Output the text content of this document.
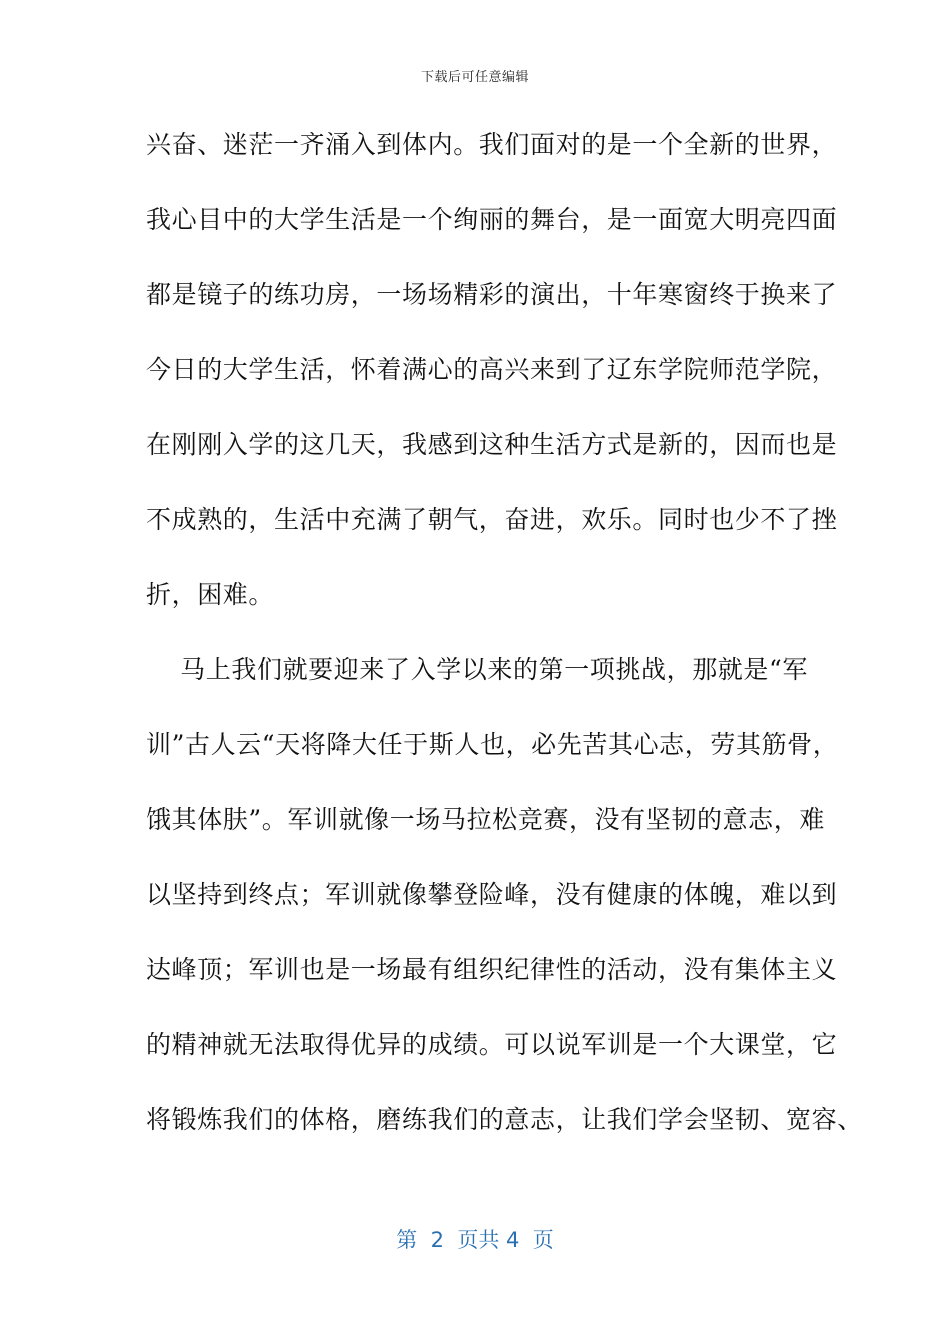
下载后可任意编辑
兴奋、迷茫一齐涌入到体内。我们面对的是一个全新的世界，
我心目中的大学生活是一个绚丽的舞台，是一面宽大明亮四面
都是镜子的练功房，一场场精彩的演出，十年寒窗终于换来了
今日的大学生活，怀着满心的高兴来到了辽东学院师范学院，
在刚刚入学的这几天，我感到这种生活方式是新的，因而也是
不成熟的，生活中充满了朝气，奋进，欢乐。同时也少不了挫
折，困难。
马上我们就要迎来了入学以来的第一项挑战，那就是“军
训”古人云“天将降大任于斯人也，必先苦其心志，劳其筋骨，
饿其体肤”。军训就像一场马拉松竞赛，没有坚韧的意志，难
以坚持到终点；军训就像攀登险峰，没有健康的体魄，难以到
达峰顶；军训也是一场最有组织纪律性的活动，没有集体主义
的精神就无法取得优异的成绩。可以说军训是一个大课堂，它
将锻炼我们的体格，磨练我们的意志，让我们学会坚韧、宽容、
第  2  页共 4  页
